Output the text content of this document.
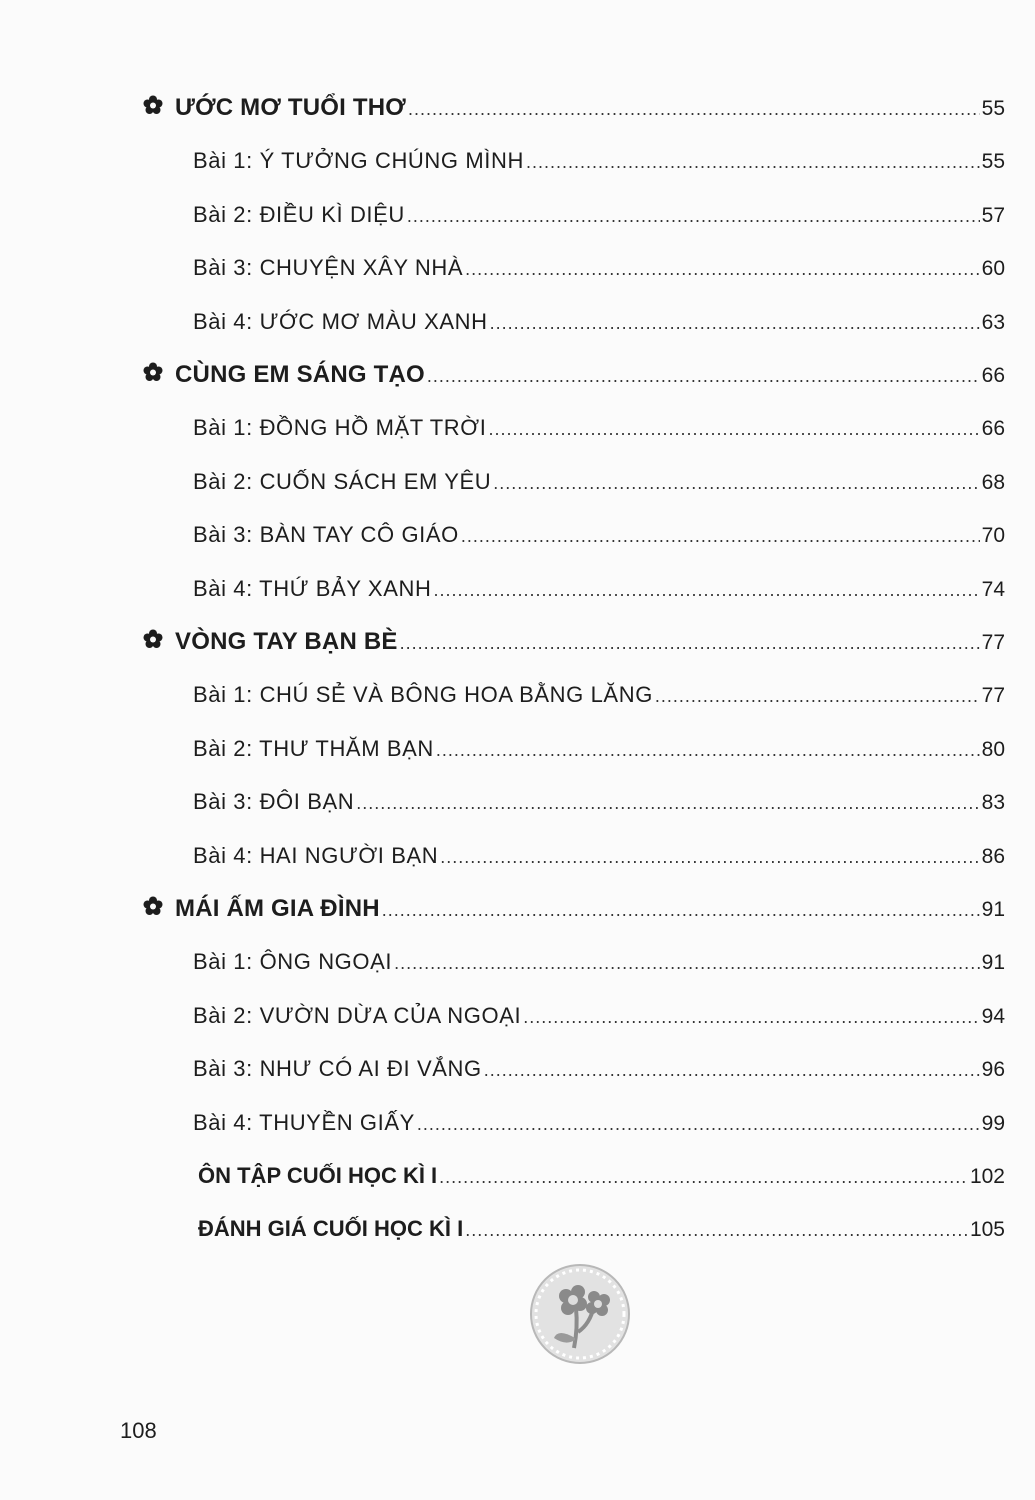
ƯỚC MƠ TUỔI THƠ .....	55
Bài 1: Ý TƯỞNG CHÚNG MÌNH .....	55
Bài 2: ĐIỀU KÌ DIỆU .....	57
Bài 3: CHUYỆN XÂY NHÀ .....	60
Bài 4: ƯỚC MƠ MÀU XANH .....	63
CÙNG EM SÁNG TẠO .....	66
Bài 1: ĐỒNG HỒ MẶT TRỜI .....	66
Bài 2: CUỐN SÁCH EM YÊU .....	68
Bài 3: BÀN TAY CÔ GIÁO .....	70
Bài 4: THỨ BẢY XANH .....	74
VÒNG TAY BẠN BÈ .....	77
Bài 1: CHÚ SẺ VÀ BÔNG HOA BẰNG LĂNG .....	77
Bài 2: THƯ THĂM BẠN .....	80
Bài 3: ĐÔI BẠN .....	83
Bài 4: HAI NGƯỜI BẠN .....	86
MÁI ẤM GIA ĐÌNH .....	91
Bài 1: ÔNG NGOẠI .....	91
Bài 2: VƯỜN DỪA CỦA NGOẠI .....	94
Bài 3: NHƯ CÓ AI ĐI VẮNG .....	96
Bài 4: THUYỀN GIẤY .....	99
ÔN TẬP CUỐI HỌC KÌ I .....	102
ĐÁNH GIÁ CUỐI HỌC KÌ I .....	105
108
